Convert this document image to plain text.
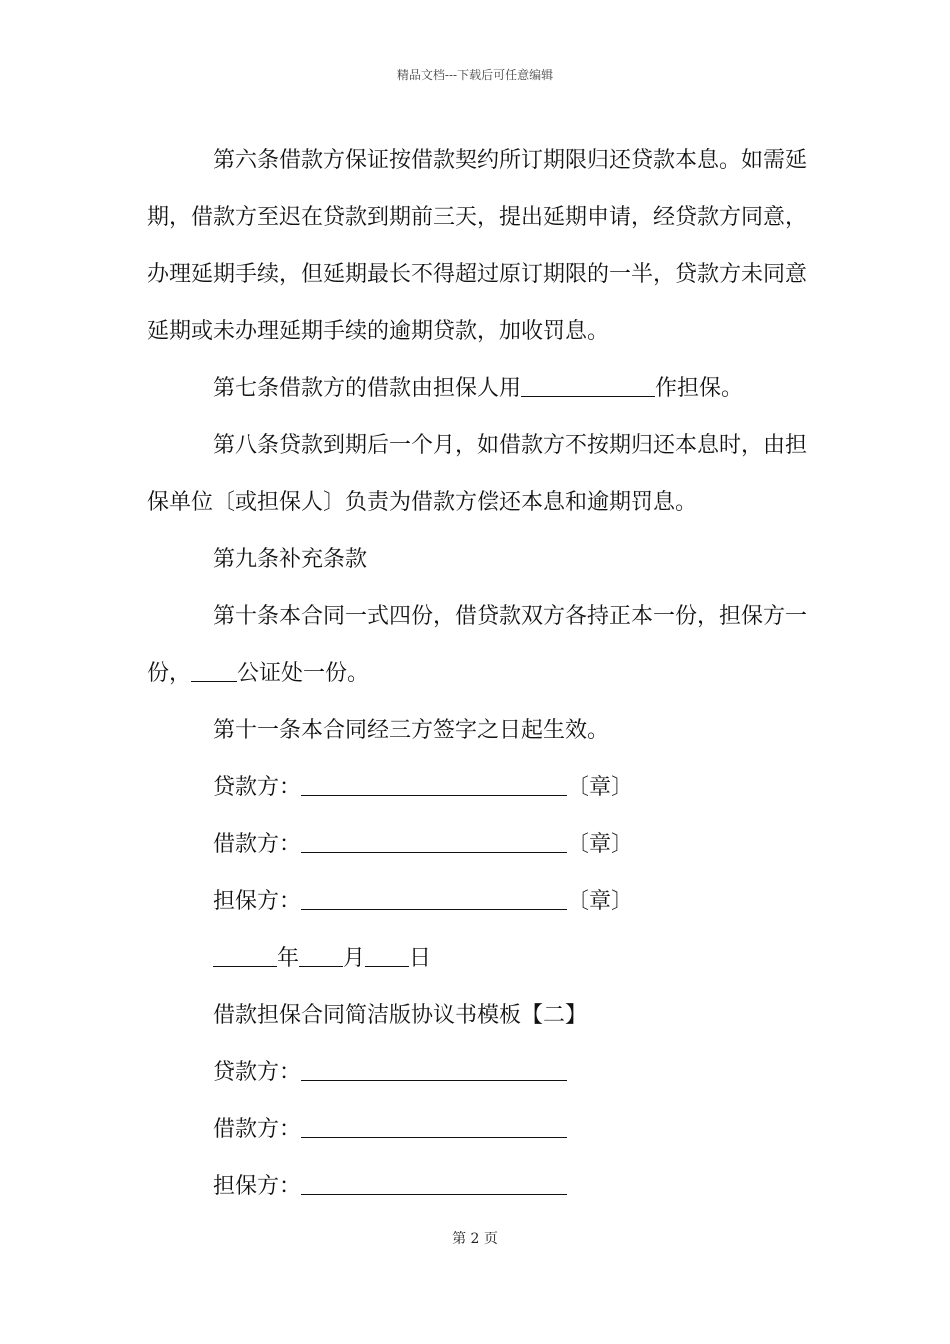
精品文档---下载后可任意编辑

第六条借款方保证按借款契约所订期限归还贷款本息。如需延期，借款方至迟在贷款到期前三天，提出延期申请，经贷款方同意，办理延期手续，但延期最长不得超过原订期限的一半，贷款方未同意延期或未办理延期手续的逾期贷款，加收罚息。

第七条借款方的借款由担保人用	作担保。

第八条贷款到期后一个月，如借款方不按期归还本息时，由担保单位〔或担保人〕负责为借款方偿还本息和逾期罚息。

第九条补充条款

第十条本合同一式四份，借贷款双方各持正本一份，担保方一份， 公证处一份。

第十一条本合同经三方签字之日起生效。

贷款方：	〔章〕

借款方：	〔章〕

担保方：	〔章〕

年 月 日

借款担保合同简洁版协议书模板【二】

贷款方：

借款方：

担保方：

第 2 页
